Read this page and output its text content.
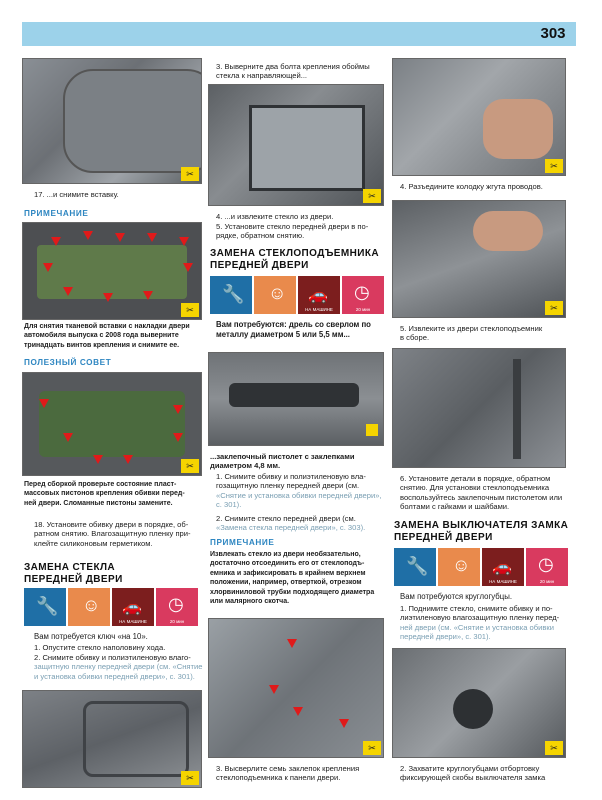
303
✂
17. ...и снимите вставку.
ПРИМЕЧАНИЕ
✂
Для снятия тканевой вставки с накладки двери
автомобиля выпуска с 2008 года выверните
тринадцать винтов крепления и снимите ее.
ПОЛЕЗНЫЙ СОВЕТ
✂
Перед сборкой проверьте состояние пласт-
массовых пистонов крепления обивки перед-
ней двери. Сломанные пистоны замените.
18. Установите обивку двери в порядке, об-
ратном снятию. Влагозащитную пленку при-
клейте силиконовым герметиком.
ЗАМЕНА СТЕКЛА
ПЕРЕДНЕЙ ДВЕРИ
🔧 ☺
НА МАШИНЕ
🚗
20 мин
◷
Вам потребуется ключ «на 10».
1. Опустите стекло наполовину хода.
2. Снимите обивку и полиэтиленовую влаго-
защитную пленку передней двери (см. «Снятие
и установка обивки передней двери», с. 301).
✂
3. Выверните два болта крепления обоймы
стекла к направляющей...
✂
4. ...и извлеките стекло из двери.
5. Установите стекло передней двери в по-
рядке, обратном снятию.
ЗАМЕНА СТЕКЛОПОДЪЕМНИКА
ПЕРЕДНЕЙ ДВЕРИ
🔧 ☺
НА МАШИНЕ
🚗
20 мин
◷
Вам потребуются: дрель со сверлом по
металлу диаметром 5 или 5,5 мм...
...заклепочный пистолет с заклепками
диаметром 4,8 мм.
1. Снимите обивку и полиэтиленовую вла-
гозащитную пленку передней двери (см.
«Снятие и установка обивки передней двери»,
с. 301).
2. Снимите стекло передней двери (см.
«Замена стекла передней двери», с. 303).
ПРИМЕЧАНИЕ
Извлекать стекло из двери необязательно,
достаточно отсоединить его от стеклоподъ-
емника и зафиксировать в крайнем верхнем
положении, например, отверткой, отрезком
хлорвиниловой трубки подходящего диаметра
или малярного скотча.
✂
3. Высверлите семь заклепок крепления
стеклоподъемника к панели двери.
✂
4. Разъедините колодку жгута проводов.
✂
5. Извлеките из двери стеклоподъемник
в сборе.
6. Установите детали в порядке, обратном
снятию. Для установки стеклоподъемника
воспользуйтесь заклепочным пистолетом или
болтами с гайками и шайбами.
ЗАМЕНА ВЫКЛЮЧАТЕЛЯ ЗАМКА
ПЕРЕДНЕЙ ДВЕРИ
🔧 ☺
НА МАШИНЕ
🚗
20 мин
◷
Вам потребуются круглогубцы.
1. Поднимите стекло, снимите обивку и по-
лиэтиленовую влагозащитную пленку перед-
ней двери (см. «Снятие и установка обивки
передней двери», с. 301).
✂
2. Захватите круглогубцами отбортовку
фиксирующей скобы выключателя замка
